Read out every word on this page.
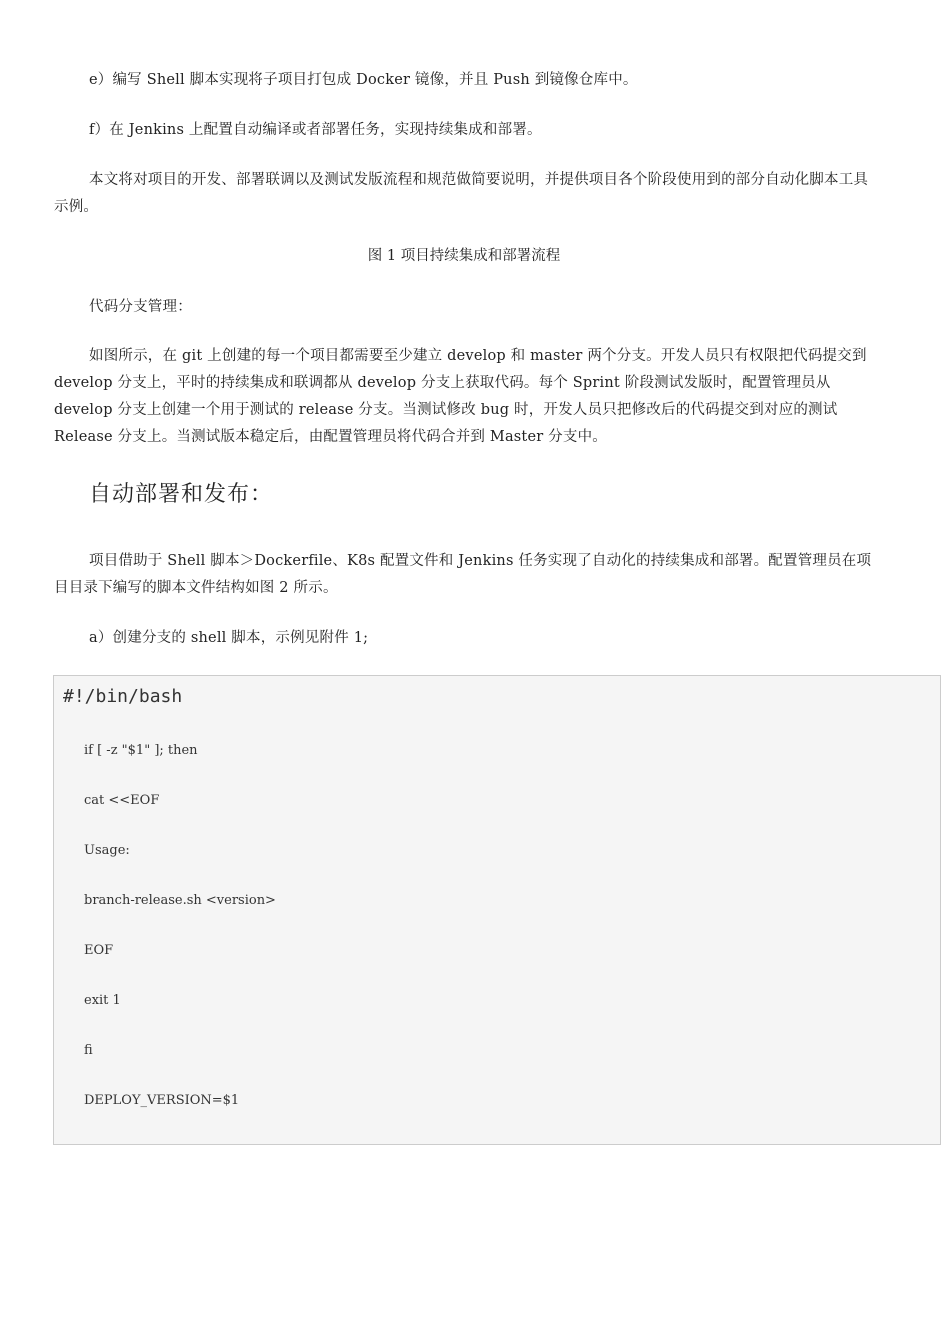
e）编写 Shell 脚本实现将子项目打包成 Docker 镜像，并且 Push 到镜像仓库中。

f）在 Jenkins 上配置自动编译或者部署任务，实现持续集成和部署。

本文将对项目的开发、部署联调以及测试发版流程和规范做简要说明，并提供项目各个阶段使用到的部分自动化脚本工具示例。

图 1 项目持续集成和部署流程

代码分支管理：

如图所示，在 git 上创建的每一个项目都需要至少建立 develop 和 master 两个分支。开发人员只有权限把代码提交到 develop 分支上，平时的持续集成和联调都从 develop 分支上获取代码。每个 Sprint 阶段测试发版时，配置管理员从 develop 分支上创建一个用于测试的 release 分支。当测试修改 bug 时，开发人员只把修改后的代码提交到对应的测试 Release 分支上。当测试版本稳定后，由配置管理员将代码合并到 Master 分支中。

自动部署和发布：

项目借助于 Shell 脚本＞Dockerfile、K8s 配置文件和 Jenkins 任务实现了自动化的持续集成和部署。配置管理员在项目目录下编写的脚本文件结构如图 2 所示。

a）创建分支的 shell 脚本，示例见附件 1;

#!/bin/bash

if [ -z "$1" ]; then

cat <<EOF

Usage:

branch-release.sh <version>

EOF

exit 1

fi

DEPLOY_VERSION=$1
